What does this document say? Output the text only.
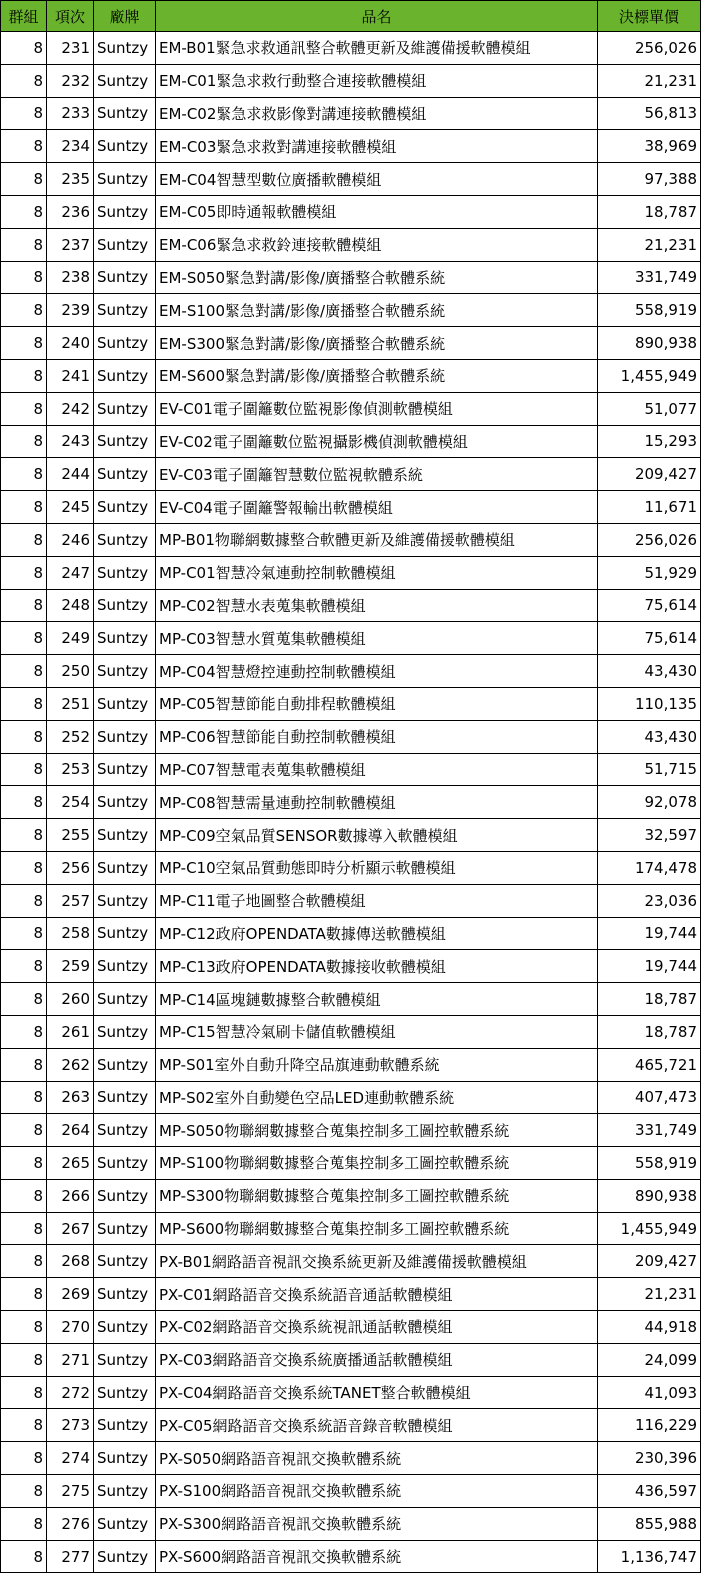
群組	項次	廠牌	品名	決標單價
8	231	Suntzy	EM-B01緊急求救通訊整合軟體更新及維護備援軟體模組	256,026
8	232	Suntzy	EM-C01緊急求救行動整合連接軟體模組	21,231
8	233	Suntzy	EM-C02緊急求救影像對講連接軟體模組	56,813
8	234	Suntzy	EM-C03緊急求救對講連接軟體模組	38,969
8	235	Suntzy	EM-C04智慧型數位廣播軟體模組	97,388
8	236	Suntzy	EM-C05即時通報軟體模組	18,787
8	237	Suntzy	EM-C06緊急求救鈴連接軟體模組	21,231
8	238	Suntzy	EM-S050緊急對講/影像/廣播整合軟體系統	331,749
8	239	Suntzy	EM-S100緊急對講/影像/廣播整合軟體系統	558,919
8	240	Suntzy	EM-S300緊急對講/影像/廣播整合軟體系統	890,938
8	241	Suntzy	EM-S600緊急對講/影像/廣播整合軟體系統	1,455,949
8	242	Suntzy	EV-C01電子圍籬數位監視影像偵測軟體模組	51,077
8	243	Suntzy	EV-C02電子圍籬數位監視攝影機偵測軟體模組	15,293
8	244	Suntzy	EV-C03電子圍籬智慧數位監視軟體系統	209,427
8	245	Suntzy	EV-C04電子圍籬警報輸出軟體模組	11,671
8	246	Suntzy	MP-B01物聯網數據整合軟體更新及維護備援軟體模組	256,026
8	247	Suntzy	MP-C01智慧冷氣連動控制軟體模組	51,929
8	248	Suntzy	MP-C02智慧水表蒐集軟體模組	75,614
8	249	Suntzy	MP-C03智慧水質蒐集軟體模組	75,614
8	250	Suntzy	MP-C04智慧燈控連動控制軟體模組	43,430
8	251	Suntzy	MP-C05智慧節能自動排程軟體模組	110,135
8	252	Suntzy	MP-C06智慧節能自動控制軟體模組	43,430
8	253	Suntzy	MP-C07智慧電表蒐集軟體模組	51,715
8	254	Suntzy	MP-C08智慧需量連動控制軟體模組	92,078
8	255	Suntzy	MP-C09空氣品質SENSOR數據導入軟體模組	32,597
8	256	Suntzy	MP-C10空氣品質動態即時分析顯示軟體模組	174,478
8	257	Suntzy	MP-C11電子地圖整合軟體模組	23,036
8	258	Suntzy	MP-C12政府OPENDATA數據傳送軟體模組	19,744
8	259	Suntzy	MP-C13政府OPENDATA數據接收軟體模組	19,744
8	260	Suntzy	MP-C14區塊鏈數據整合軟體模組	18,787
8	261	Suntzy	MP-C15智慧冷氣刷卡儲值軟體模組	18,787
8	262	Suntzy	MP-S01室外自動升降空品旗連動軟體系統	465,721
8	263	Suntzy	MP-S02室外自動變色空品LED連動軟體系統	407,473
8	264	Suntzy	MP-S050物聯網數據整合蒐集控制多工圖控軟體系統	331,749
8	265	Suntzy	MP-S100物聯網數據整合蒐集控制多工圖控軟體系統	558,919
8	266	Suntzy	MP-S300物聯網數據整合蒐集控制多工圖控軟體系統	890,938
8	267	Suntzy	MP-S600物聯網數據整合蒐集控制多工圖控軟體系統	1,455,949
8	268	Suntzy	PX-B01網路語音視訊交換系統更新及維護備援軟體模組	209,427
8	269	Suntzy	PX-C01網路語音交換系統語音通話軟體模組	21,231
8	270	Suntzy	PX-C02網路語音交換系統視訊通話軟體模組	44,918
8	271	Suntzy	PX-C03網路語音交換系統廣播通話軟體模組	24,099
8	272	Suntzy	PX-C04網路語音交換系統TANET整合軟體模組	41,093
8	273	Suntzy	PX-C05網路語音交換系統語音錄音軟體模組	116,229
8	274	Suntzy	PX-S050網路語音視訊交換軟體系統	230,396
8	275	Suntzy	PX-S100網路語音視訊交換軟體系統	436,597
8	276	Suntzy	PX-S300網路語音視訊交換軟體系統	855,988
8	277	Suntzy	PX-S600網路語音視訊交換軟體系統	1,136,747
